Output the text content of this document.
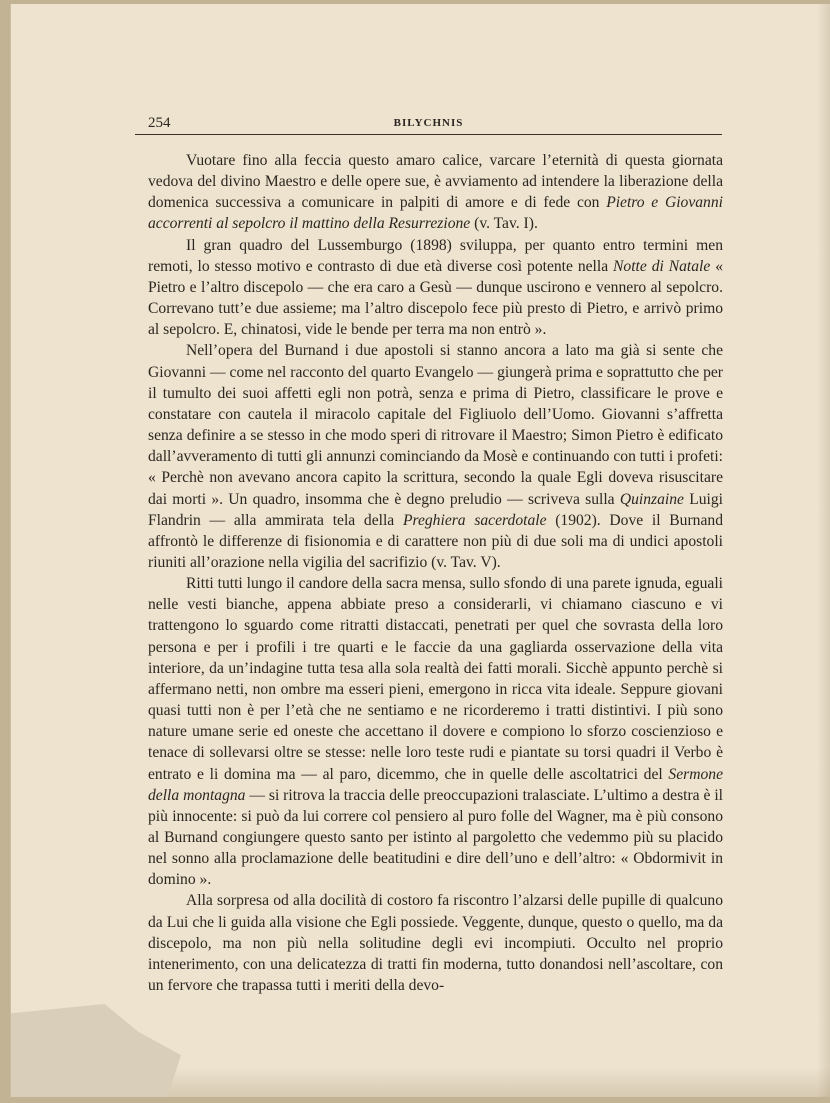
254	BILYCHNIS

Vuotare fino alla feccia questo amaro calice, varcare l’eternità di questa giornata vedova del divino Maestro e delle opere sue, è avviamento ad intendere la liberazione della domenica successiva a comunicare in palpiti di amore e di fede con Pietro e Giovanni accorrenti al sepolcro il mattino della Resurrezione (v. Tav. I).

Il gran quadro del Lussemburgo (1898) sviluppa, per quanto entro termini men remoti, lo stesso motivo e contrasto di due età diverse così potente nella Notte di Natale « Pietro e l’altro discepolo — che era caro a Gesù — dunque uscirono e vennero al sepolcro. Correvano tutt’e due assieme; ma l’altro discepolo fece più presto di Pietro, e arrivò primo al sepolcro. E, chinatosi, vide le bende per terra ma non entrò ».

Nell’opera del Burnand i due apostoli si stanno ancora a lato ma già si sente che Giovanni — come nel racconto del quarto Evangelo — giungerà prima e soprattutto che per il tumulto dei suoi affetti egli non potrà, senza e prima di Pietro, classificare le prove e constatare con cautela il miracolo capitale del Figliuolo dell’Uomo. Giovanni s’affretta senza definire a se stesso in che modo speri di ritrovare il Maestro; Simon Pietro è edificato dall’avveramento di tutti gli annunzi cominciando da Mosè e continuando con tutti i profeti: « Perchè non avevano ancora capito la scrittura, secondo la quale Egli doveva risuscitare dai morti ». Un quadro, insomma che è degno preludio — scriveva sulla Quinzaine Luigi Flandrin — alla ammirata tela della Preghiera sacerdotale (1902). Dove il Burnand affrontò le differenze di fisionomia e di carattere non più di due soli ma di undici apostoli riuniti all’orazione nella vigilia del sacrifizio (v. Tav. V).

Ritti tutti lungo il candore della sacra mensa, sullo sfondo di una parete ignuda, eguali nelle vesti bianche, appena abbiate preso a considerarli, vi chiamano ciascuno e vi trattengono lo sguardo come ritratti distaccati, penetrati per quel che sovrasta della loro persona e per i profili i tre quarti e le faccie da una gagliarda osservazione della vita interiore, da un’indagine tutta tesa alla sola realtà dei fatti morali. Sicchè appunto perchè si affermano netti, non ombre ma esseri pieni, emergono in ricca vita ideale. Seppure giovani quasi tutti non è per l’età che ne sentiamo e ne ricorderemo i tratti distintivi. I più sono nature umane serie ed oneste che accettano il dovere e compiono lo sforzo coscienzioso e tenace di sollevarsi oltre se stesse: nelle loro teste rudi e piantate su torsi quadri il Verbo è entrato e li domina ma — al paro, dicemmo, che in quelle delle ascoltatrici del Sermone della montagna — si ritrova la traccia delle preoccupazioni tralasciate. L’ultimo a destra è il più innocente: si può da lui correre col pensiero al puro folle del Wagner, ma è più consono al Burnand congiungere questo santo per istinto al pargoletto che vedemmo più su placido nel sonno alla proclamazione delle beatitudini e dire dell’uno e dell’altro: « Obdormivit in domino ».

Alla sorpresa od alla docilità di costoro fa riscontro l’alzarsi delle pupille di qualcuno da Lui che li guida alla visione che Egli possiede. Veggente, dunque, questo o quello, ma da discepolo, ma non più nella solitudine degli evi incompiuti. Occulto nel proprio intenerimento, con una delicatezza di tratti fin moderna, tutto donandosi nell’ascoltare, con un fervore che trapassa tutti i meriti della devo-
